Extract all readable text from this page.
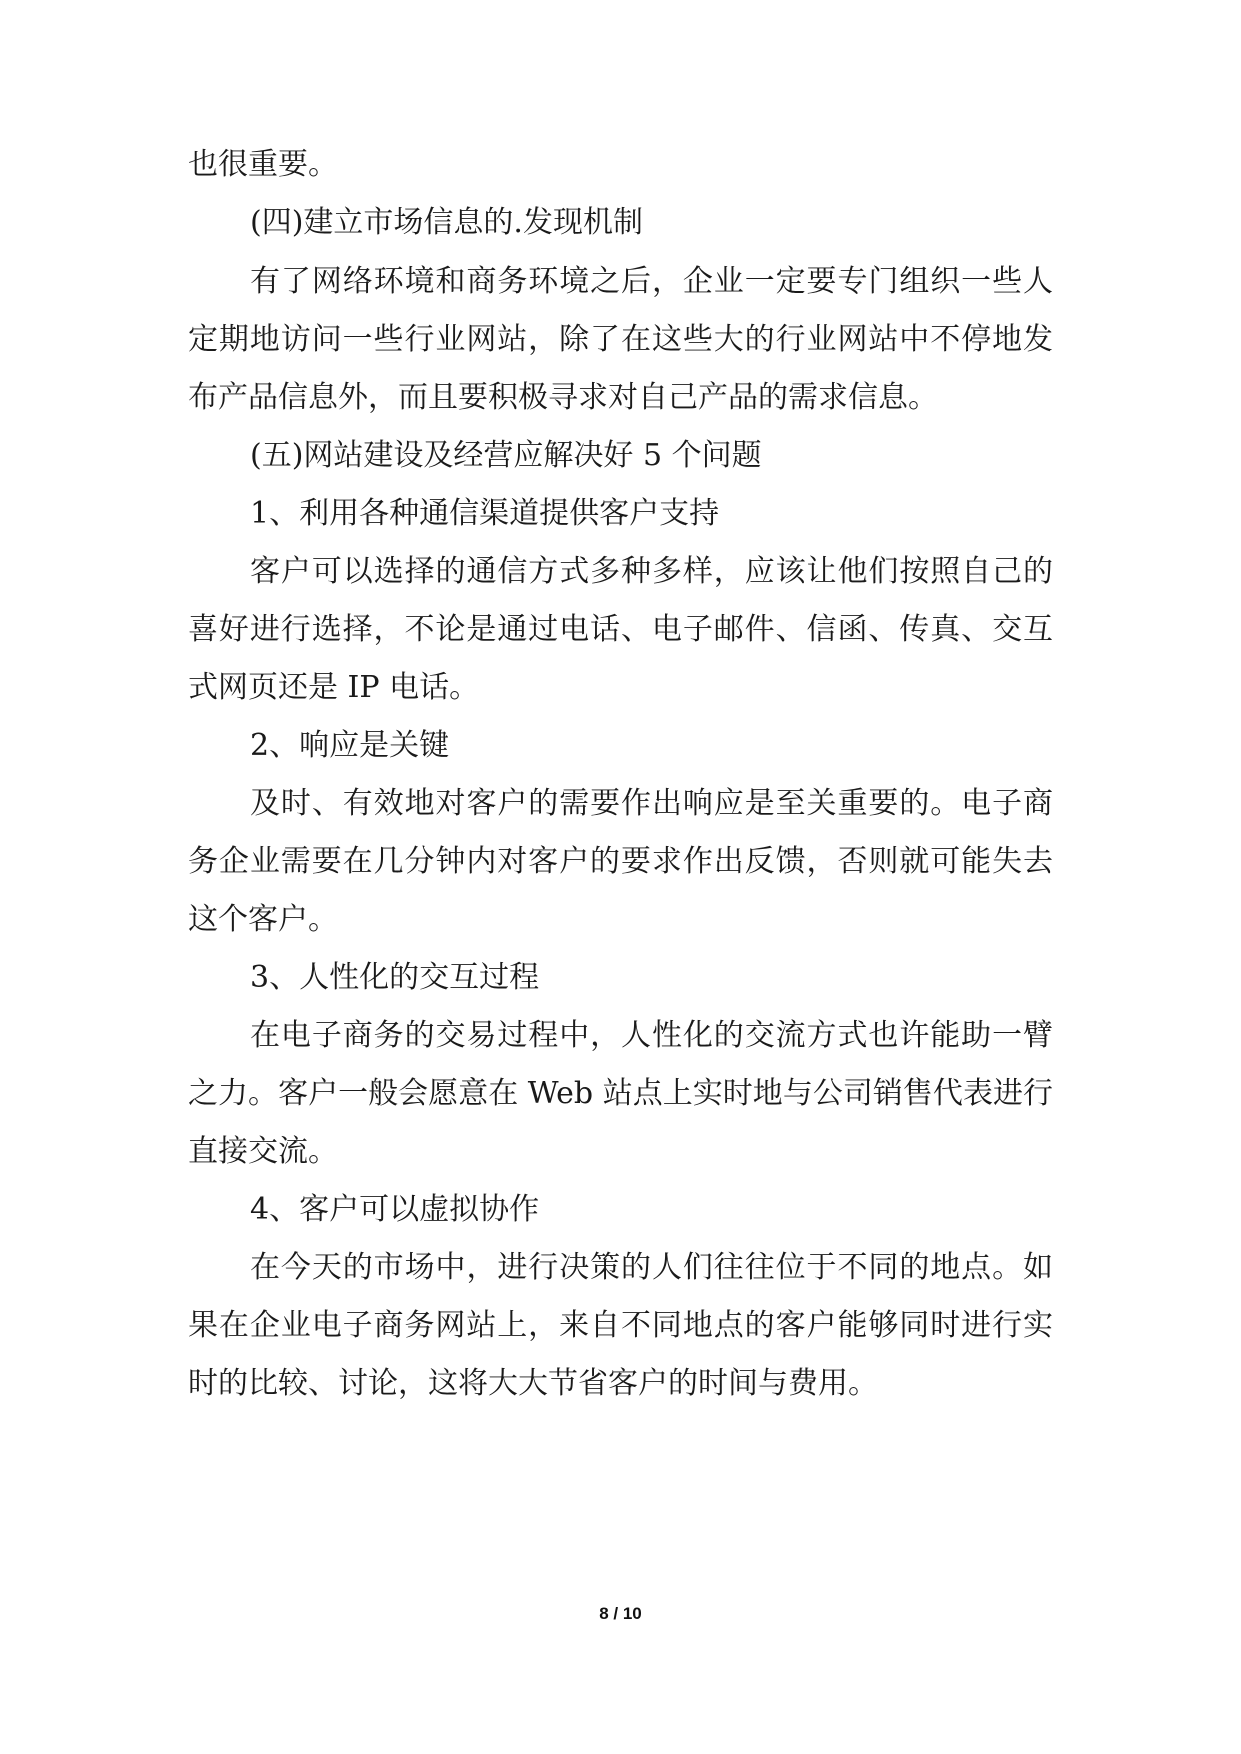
也很重要。
(四)建立市场信息的.发现机制
有了网络环境和商务环境之后，企业一定要专门组织一些人
定期地访问一些行业网站，除了在这些大的行业网站中不停地发
布产品信息外，而且要积极寻求对自己产品的需求信息。
(五)网站建设及经营应解决好 5 个问题
1、利用各种通信渠道提供客户支持
客户可以选择的通信方式多种多样，应该让他们按照自己的
喜好进行选择，不论是通过电话、电子邮件、信函、传真、交互
式网页还是 IP 电话。
2、响应是关键
及时、有效地对客户的需要作出响应是至关重要的。电子商
务企业需要在几分钟内对客户的要求作出反馈，否则就可能失去
这个客户。
3、人性化的交互过程
在电子商务的交易过程中，人性化的交流方式也许能助一臂
之力。客户一般会愿意在 Web 站点上实时地与公司销售代表进行
直接交流。
4、客户可以虚拟协作
在今天的市场中，进行决策的人们往往位于不同的地点。如
果在企业电子商务网站上，来自不同地点的客户能够同时进行实
时的比较、讨论，这将大大节省客户的时间与费用。
8 / 10
